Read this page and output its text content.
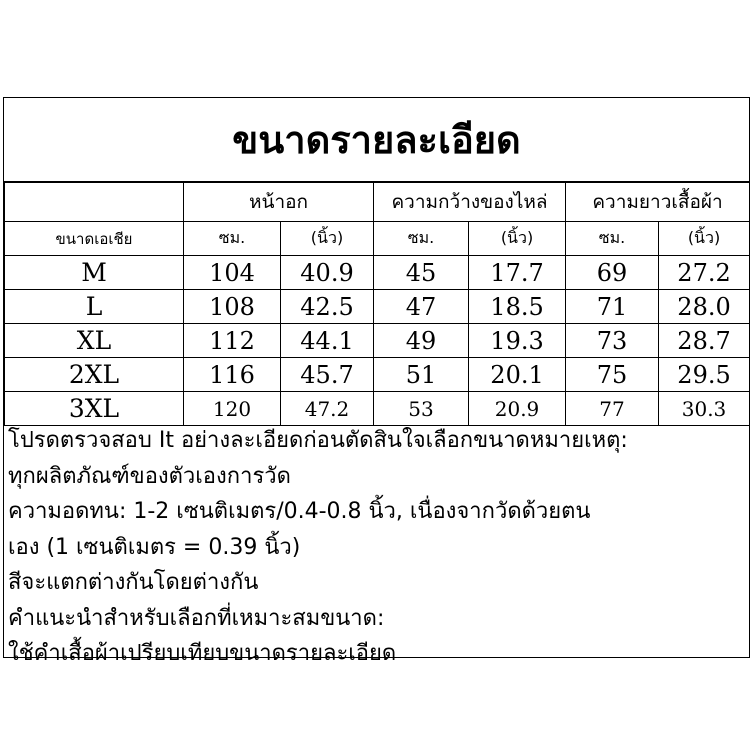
ขนาดรายละเอียด
	หน้าอก		ความกว้างของไหล่		ความยาวเสื้อผ้า	
ขนาดเอเชีย	ซม.	(นิ้ว)	ซม.	(นิ้ว)	ซม.	(นิ้ว)
M	104	40.9	45	17.7	69	27.2
L	108	42.5	47	18.5	71	28.0
XL	112	44.1	49	19.3	73	28.7
2XL	116	45.7	51	20.1	75	29.5
3XL	120	47.2	53	20.9	77	30.3
โปรดตรวจสอบ It อย่างละเอียดก่อนตัดสินใจเลือกขนาดหมายเหตุ:
ทุกผลิตภัณฑ์ของตัวเองการวัด
ความอดทน: 1-2 เซนติเมตร/0.4-0.8 นิ้ว, เนื่องจากวัดด้วยตน
เอง (1 เซนติเมตร = 0.39 นิ้ว)
สีจะแตกต่างกันโดยต่างกัน
คำแนะนำสำหรับเลือกที่เหมาะสมขนาด:
ใช้คำเสื้อผ้าเปรียบเทียบขนาดรายละเอียด
